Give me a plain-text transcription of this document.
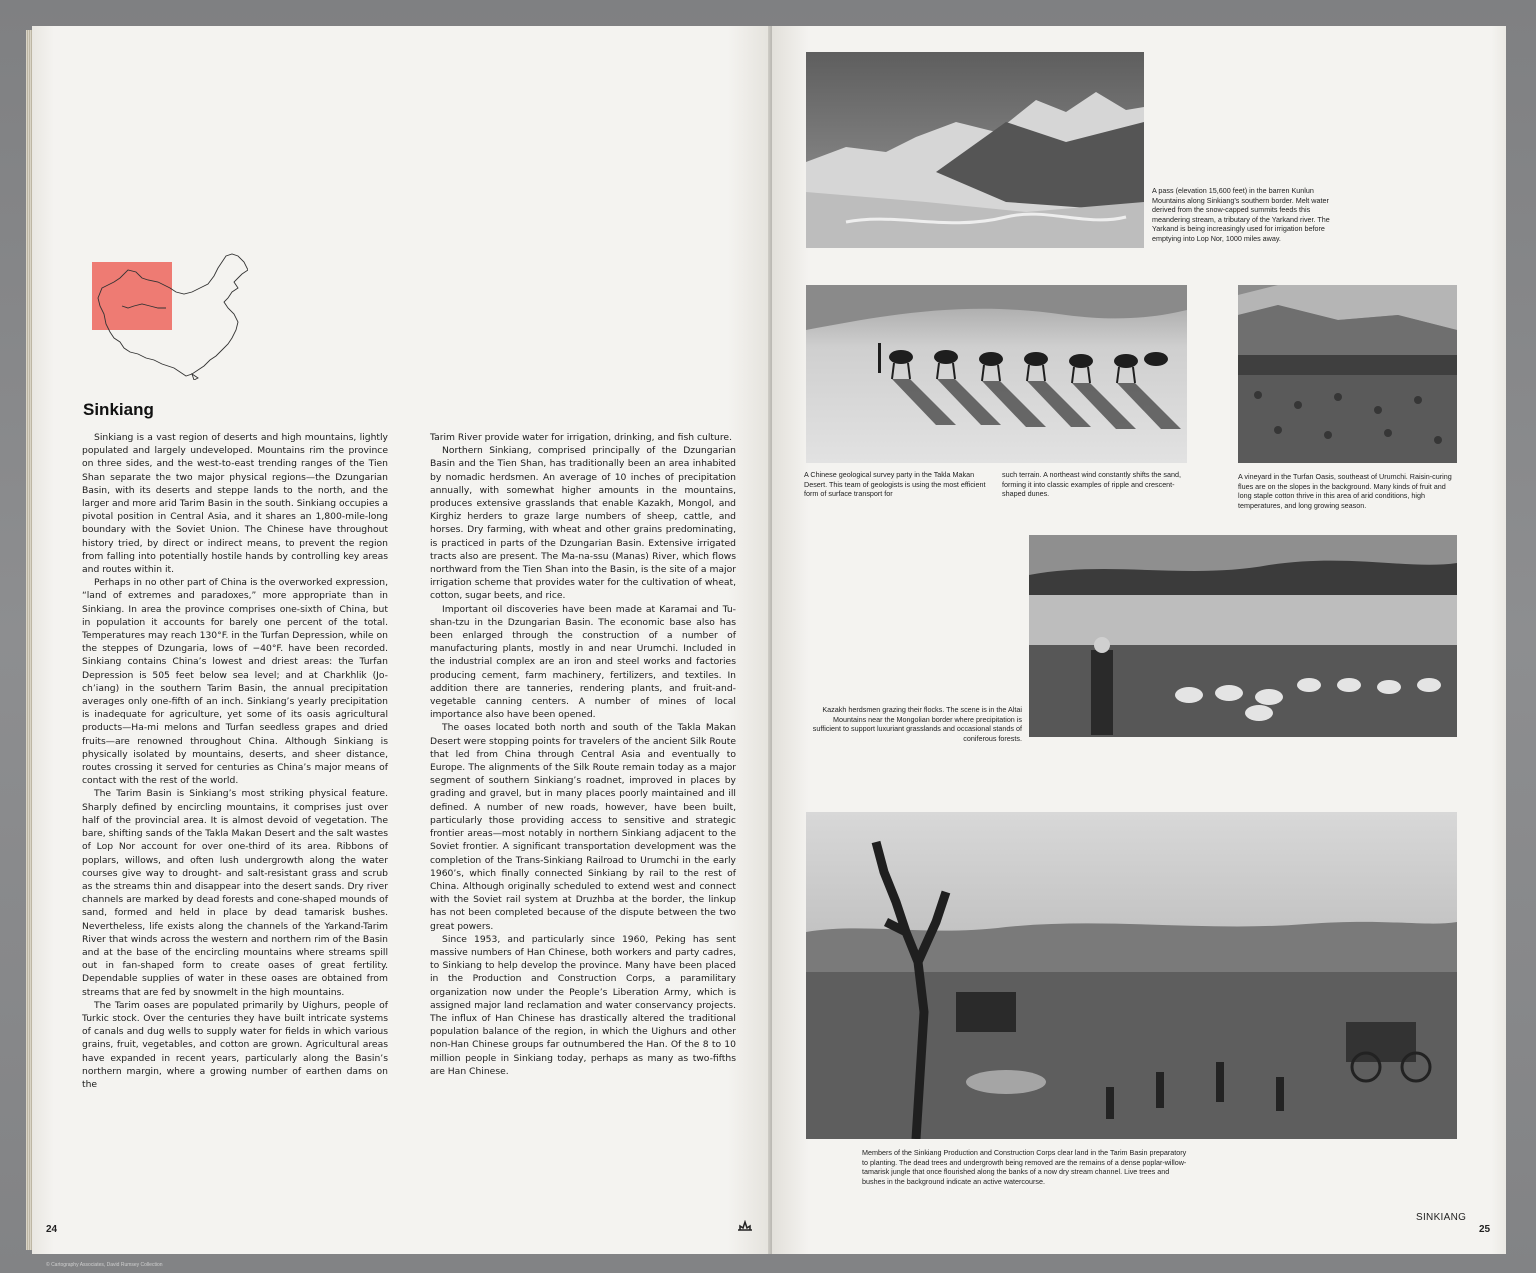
Sinkiang

Sinkiang is a vast region of deserts and high mountains, lightly populated and largely undeveloped. Mountains rim the province on three sides, and the west-to-east trending ranges of the Tien Shan separate the two major physical regions—the Dzungarian Basin, with its deserts and steppe lands to the north, and the larger and more arid Tarim Basin in the south. Sinkiang occupies a pivotal position in Central Asia, and it shares an 1,800-mile-long boundary with the Soviet Union. The Chinese have throughout history tried, by direct or indirect means, to prevent the region from falling into potentially hostile hands by controlling key areas and routes within it.

Perhaps in no other part of China is the overworked expression, “land of extremes and paradoxes,” more appropriate than in Sinkiang. In area the province comprises one-sixth of China, but in population it accounts for barely one percent of the total. Temperatures may reach 130°F. in the Turfan Depression, while on the steppes of Dzungaria, lows of −40°F. have been recorded. Sinkiang contains China’s lowest and driest areas: the Turfan Depression is 505 feet below sea level; and at Charkhlik (Jo-ch’iang) in the southern Tarim Basin, the annual precipitation averages only one-fifth of an inch. Sinkiang’s yearly precipitation is inadequate for agriculture, yet some of its oasis agricultural products—Ha-mi melons and Turfan seedless grapes and dried fruits—are renowned throughout China. Although Sinkiang is physically isolated by mountains, deserts, and sheer distance, routes crossing it served for centuries as China’s major means of contact with the rest of the world.

The Tarim Basin is Sinkiang’s most striking physical feature. Sharply defined by encircling mountains, it comprises just over half of the provincial area. It is almost devoid of vegetation. The bare, shifting sands of the Takla Makan Desert and the salt wastes of Lop Nor account for over one-third of its area. Ribbons of poplars, willows, and often lush undergrowth along the water courses give way to drought- and salt-resistant grass and scrub as the streams thin and disappear into the desert sands. Dry river channels are marked by dead forests and cone-shaped mounds of sand, formed and held in place by dead tamarisk bushes. Nevertheless, life exists along the channels of the Yarkand-Tarim River that winds across the western and northern rim of the Basin and at the base of the encircling mountains where streams spill out in fan-shaped form to create oases of great fertility. Dependable supplies of water in these oases are obtained from streams that are fed by snowmelt in the high mountains.

The Tarim oases are populated primarily by Uighurs, people of Turkic stock. Over the centuries they have built intricate systems of canals and dug wells to supply water for fields in which various grains, fruit, vegetables, and cotton are grown. Agricultural areas have expanded in recent years, particularly along the Basin’s northern margin, where a growing number of earthen dams on the

Tarim River provide water for irrigation, drinking, and fish culture.

Northern Sinkiang, comprised principally of the Dzungarian Basin and the Tien Shan, has traditionally been an area inhabited by nomadic herdsmen. An average of 10 inches of precipitation annually, with somewhat higher amounts in the mountains, produces extensive grasslands that enable Kazakh, Mongol, and Kirghiz herders to graze large numbers of sheep, cattle, and horses. Dry farming, with wheat and other grains predominating, is practiced in parts of the Dzungarian Basin. Extensive irrigated tracts also are present. The Ma-na-ssu (Manas) River, which flows northward from the Tien Shan into the Basin, is the site of a major irrigation scheme that provides water for the cultivation of wheat, cotton, sugar beets, and rice.

Important oil discoveries have been made at Karamai and Tu-shan-tzu in the Dzungarian Basin. The economic base also has been enlarged through the construction of a number of manufacturing plants, mostly in and near Urumchi. Included in the industrial complex are an iron and steel works and factories producing cement, farm machinery, fertilizers, and textiles. In addition there are tanneries, rendering plants, and fruit-and-vegetable canning centers. A number of mines of local importance also have been opened.

The oases located both north and south of the Takla Makan Desert were stopping points for travelers of the ancient Silk Route that led from China through Central Asia and eventually to Europe. The alignments of the Silk Route remain today as a major segment of southern Sinkiang’s roadnet, improved in places by grading and gravel, but in many places poorly maintained and ill defined. A number of new roads, however, have been built, particularly those providing access to sensitive and strategic frontier areas—most notably in northern Sinkiang adjacent to the Soviet frontier. A significant transportation development was the completion of the Trans-Sinkiang Railroad to Urumchi in the early 1960’s, which finally connected Sinkiang by rail to the rest of China. Although originally scheduled to extend west and connect with the Soviet rail system at Druzhba at the border, the linkup has not been completed because of the dispute between the two great powers.

Since 1953, and particularly since 1960, Peking has sent massive numbers of Han Chinese, both workers and party cadres, to Sinkiang to help develop the province. Many have been placed in the Production and Construction Corps, a paramilitary organization now under the People’s Liberation Army, which is assigned major land reclamation and water conservancy projects. The influx of Han Chinese has drastically altered the traditional population balance of the region, in which the Uighurs and other non-Han Chinese groups far outnumbered the Han. Of the 8 to 10 million people in Sinkiang today, perhaps as many as two-fifths are Han Chinese.

24

A pass (elevation 15,600 feet) in the barren Kunlun Mountains along Sinkiang’s southern border. Melt water derived from the snow-capped summits feeds this meandering stream, a tributary of the Yarkand river. The Yarkand is being increasingly used for irrigation before emptying into Lop Nor, 1000 miles away.

A Chinese geological survey party in the Takla Makan Desert. This team of geologists is using the most efficient form of surface transport for

such terrain. A northeast wind constantly shifts the sand, forming it into classic examples of ripple and crescent-shaped dunes.

A vineyard in the Turfan Oasis, southeast of Urumchi. Raisin-curing flues are on the slopes in the background. Many kinds of fruit and long staple cotton thrive in this area of arid conditions, high temperatures, and long growing season.

Kazakh herdsmen grazing their flocks. The scene is in the Altai Mountains near the Mongolian border where precipitation is sufficient to support luxuriant grasslands and occasional stands of coniferous forests.

Members of the Sinkiang Production and Construction Corps clear land in the Tarim Basin preparatory to planting. The dead trees and undergrowth being removed are the remains of a dense poplar-willow-tamarisk jungle that once flourished along the banks of a now dry stream channel. Live trees and bushes in the background indicate an active watercourse.

SINKIANG
25
© Cartography Associates, David Rumsey Collection
